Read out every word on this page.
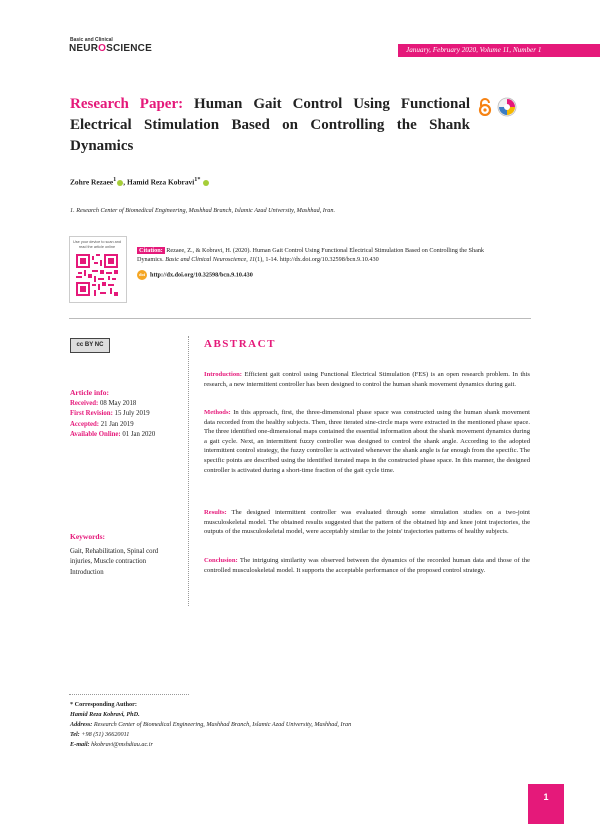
Basic and Clinical
NEUROSCIENCE	January, February 2020, Volume 11, Number 1
Research Paper: Human Gait Control Using Functional Electrical Stimulation Based on Controlling the Shank Dynamics
Zohre Rezaee$^1$ , Hamid Reza Kobravi$^{1*}$
1. Research Center of Biomedical Engineering, Mashhad Branch, Islamic Azad University, Mashhad, Iran.
Use your device to scan and read the article online
Citation: Rezaee, Z., & Kobravi, H. (2020). Human Gait Control Using Functional Electrical Stimulation Based on Controlling the Shank Dynamics. Basic and Clinical Neuroscience, 11(1), 1-14. http://dx.doi.org/10.32598/bcn.9.10.430
doi http://dx.doi.org/10.32598/bcn.9.10.430
cc BY NC
Article info:
Received: 08 May 2018
First Revision: 15 July 2019
Accepted: 21 Jan 2019
Available Online: 01 Jan 2020
Keywords:
Gait, Rehabilitation, Spinal cord injuries, Muscle contraction Introduction
ABSTRACT
Introduction: Efficient gait control using Functional Electrical Stimulation (FES) is an open research problem. In this research, a new intermittent controller has been designed to control the human shank movement dynamics during gait.
Methods: In this approach, first, the three-dimensional phase space was constructed using the human shank movement data recorded from the healthy subjects. Then, three iterated sine-circle maps were extracted in the mentioned phase space. The three identified one-dimensional maps contained the essential information about the shank movement dynamics during a gait cycle. Next, an intermittent fuzzy controller was designed to control the shank angle. According to the adopted intermittent control strategy, the fuzzy controller is activated whenever the shank angle is far enough from the specific. The specific points are described using the identified iterated maps in the constructed phase space. In this manner, the designed controller is activated during a short-time fraction of the gait cycle time.
Results: The designed intermittent controller was evaluated through some simulation studies on a two-joint musculoskeletal model. The obtained results suggested that the pattern of the obtained hip and knee joint trajectories, the outputs of the musculoskeletal model, were acceptably similar to the joints' trajectories patterns of healthy subjects.
Conclusion: The intriguing similarity was observed between the dynamics of the recorded human data and those of the controlled musculoskeletal model. It supports the acceptable performance of the proposed control strategy.
* Corresponding Author:
Hamid Reza Kobravi, PhD.
Address: Research Center of Biomedical Engineering, Mashhad Branch, Islamic Azad University, Mashhad, Iran
Tel: +98 (51) 36620011
E-mail: hkobravi@mshdiau.ac.ir
1
